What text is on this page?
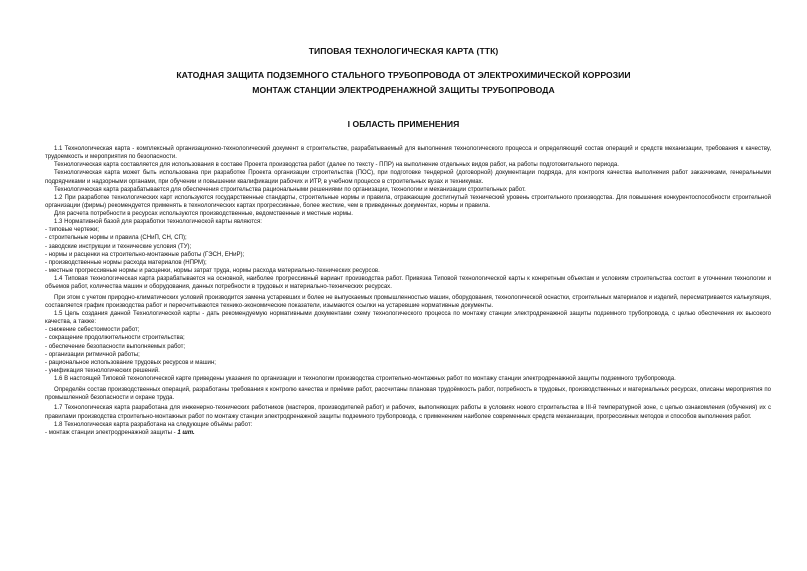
ТИПОВАЯ ТЕХНОЛОГИЧЕСКАЯ КАРТА (ТТК)
КАТОДНАЯ ЗАЩИТА ПОДЗЕМНОГО СТАЛЬНОГО ТРУБОПРОВОДА ОТ ЭЛЕКТРОХИМИЧЕСКОЙ КОРРОЗИИ
МОНТАЖ СТАНЦИИ ЭЛЕКТРОДРЕНАЖНОЙ ЗАЩИТЫ ТРУБОПРОВОДА
I ОБЛАСТЬ ПРИМЕНЕНИЯ

1.1 Технологическая карта - комплексный организационно-технологический документ в строительстве, разрабатываемый для выполнения технологического процесса и определяющий состав операций и средств механизации, требования к качеству, трудоемкость и мероприятия по безопасности.

Технологическая карта составляется для использования в составе Проекта производства работ (далее по тексту - ППР) на выполнение отдельных видов работ, на работы подготовительного периода.

Технологическая карта может быть использована при разработке Проекта организации строительства (ПОС), при подготовке тендерной (договорной) документации подряда, для контроля качества выполнения работ заказчиками, генеральными подрядчиками и надзорными органами, при обучении и повышении квалификации рабочих и ИТР, в учебном процессе в строительных вузах и техникумах.

Технологическая карта разрабатывается для обеспечения строительства рациональными решениями по организации, технологии и механизации строительных работ.

1.2 При разработке технологических карт используются государственные стандарты, строительные нормы и правила, отражающие достигнутый технический уровень строительного производства. Для повышения конкурентоспособности строительной организации (фирмы) рекомендуется применять в технологических картах прогрессивные, более жесткие, чем в приведенных документах, нормы и правила.

Для расчета потребности в ресурсах используются производственные, ведомственные и местные нормы.

1.3 Нормативной базой для разработки технологической карты являются:

- типовые чертежи;

- строительные нормы и правила (СНиП, СН, СП);

- заводские инструкции и технические условия (ТУ);

- нормы и расценки на строительно-монтажные работы (ГЭСН, ЕНиР);

- производственные нормы расхода материалов (НПРМ);

- местные прогрессивные нормы и расценки, нормы затрат труда, нормы расхода материально-технических ресурсов.

1.4 Типовая технологическая карта разрабатывается на основной, наиболее прогрессивный вариант производства работ. Привязка Типовой технологической карты к конкретным объектам и условиям строительства состоит в уточнении технологии и объемов работ, количества машин и оборудования, данных потребности в трудовых и материально-технических ресурсах.

При этом с учетом природно-климатических условий производится замена устаревших и более не выпускаемых промышленностью машин, оборудования, технологической оснастки, строительных материалов и изделий, пересматривается калькуляция, составляется график производства работ и пересчитываются технико-экономические показатели, изымаются ссылки на устаревшие нормативные документы.

1.5 Цель создания данной Технологической карты - дать рекомендуемую нормативными документами схему технологического процесса по монтажу станции электродренажной защиты подземного трубопровода, с целью обеспечения их высокого качества, а также:

- снижение себестоимости работ;

- сокращение продолжительности строительства;

- обеспечение безопасности выполняемых работ;

- организации ритмичной работы;

- рациональное использование трудовых ресурсов и машин;

- унификация технологических решений.

1.6 В настоящей Типовой технологической карте приведены указания по организации и технологии производства строительно-монтажных работ по монтажу станции электродренажной защиты подземного трубопровода.

Определён состав производственных операций, разработаны требования к контролю качества и приёмке работ, рассчитаны плановая трудоёмкость работ, потребность в трудовых, производственных и материальных ресурсах, описаны мероприятия по промышленной безопасности и охране труда.

1.7 Технологическая карта разработана для инженерно-технических работников (мастеров, производителей работ) и рабочих, выполняющих работы в условиях нового строительства в III-й температурной зоне, с целью ознакомления (обучения) их с правилами производства строительно-монтажных работ по монтажу станции электродренажной защиты подземного трубопровода, с применением наиболее современных средств механизации, прогрессивных методов и способов выполнения работ.

1.8 Технологическая карта разработана на следующие объёмы работ:

- монтаж станции электродренажной защиты - 1 шт.
